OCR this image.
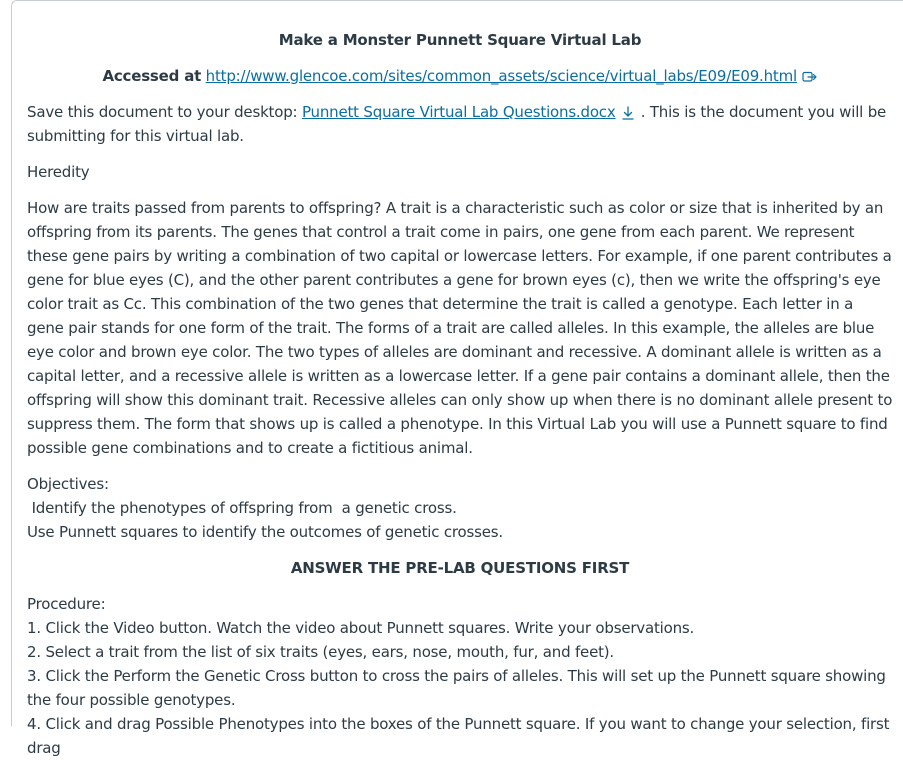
Make a Monster Punnett Square Virtual Lab

Accessed at http://www.glencoe.com/sites/common_assets/science/virtual_labs/E09/E09.html

Save this document to your desktop: Punnett Square Virtual Lab Questions.docx . This is the document you will be submitting for this virtual lab.

Heredity

How are traits passed from parents to offspring? A trait is a characteristic such as color or size that is inherited by an offspring from its parents. The genes that control a trait come in pairs, one gene from each parent. We represent these gene pairs by writing a combination of two capital or lowercase letters. For example, if one parent contributes a gene for blue eyes (C), and the other parent contributes a gene for brown eyes (c), then we write the offspring's eye color trait as Cc. This combination of the two genes that determine the trait is called a genotype. Each letter in a gene pair stands for one form of the trait. The forms of a trait are called alleles. In this example, the alleles are blue eye color and brown eye color. The two types of alleles are dominant and recessive. A dominant allele is written as a capital letter, and a recessive allele is written as a lowercase letter. If a gene pair contains a dominant allele, then the offspring will show this dominant trait. Recessive alleles can only show up when there is no dominant allele present to suppress them. The form that shows up is called a phenotype. In this Virtual Lab you will use a Punnett square to find possible gene combinations and to create a fictitious animal.

Objectives:

Identify the phenotypes of offspring from  a genetic cross.

Use Punnett squares to identify the outcomes of genetic crosses.

ANSWER THE PRE-LAB QUESTIONS FIRST

Procedure:

1. Click the Video button. Watch the video about Punnett squares. Write your observations.

2. Select a trait from the list of six traits (eyes, ears, nose, mouth, fur, and feet).

3. Click the Perform the Genetic Cross button to cross the pairs of alleles. This will set up the Punnett square showing the four possible genotypes.

4. Click and drag Possible Phenotypes into the boxes of the Punnett square. If you want to change your selection, first drag
